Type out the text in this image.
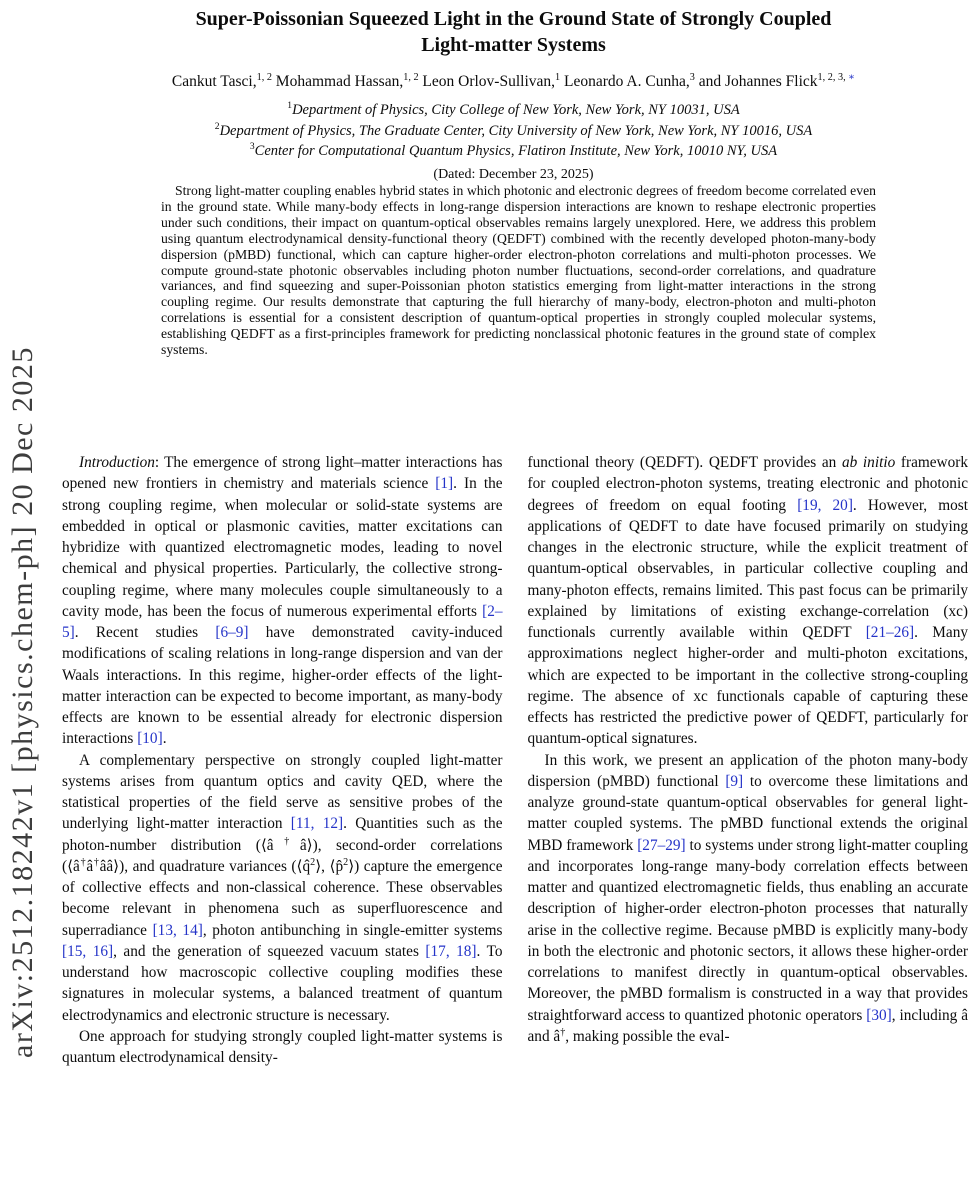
arXiv:2512.18242v1 [physics.chem-ph] 20 Dec 2025
Super-Poissonian Squeezed Light in the Ground State of Strongly Coupled
Light-matter Systems
Cankut Tasci,$^{1, 2}$ Mohammad Hassan,$^{1, 2}$ Leon Orlov-Sullivan,$^1$ Leonardo A. Cunha,$^3$ and Johannes Flick$^{1, 2, 3,}$ ∗
$^1$Department of Physics, City College of New York, New York, NY 10031, USA
$^2$Department of Physics, The Graduate Center, City University of New York, New York, NY 10016, USA
$^3$Center for Computational Quantum Physics, Flatiron Institute, New York, 10010 NY, USA
(Dated: December 23, 2025)
Strong light-matter coupling enables hybrid states in which photonic and electronic degrees of freedom become correlated even in the ground state. While many-body effects in long-range dispersion interactions are known to reshape electronic properties under such conditions, their impact on quantum-optical observables remains largely unexplored. Here, we address this problem using quantum electrodynamical density-functional theory (QEDFT) combined with the recently developed photon-many-body dispersion (pMBD) functional, which can capture higher-order electron-photon correlations and multi-photon processes. We compute ground-state photonic observables including photon number fluctuations, second-order correlations, and quadrature variances, and find squeezing and super-Poissonian photon statistics emerging from light-matter interactions in the strong coupling regime. Our results demonstrate that capturing the full hierarchy of many-body, electron-photon and multi-photon correlations is essential for a consistent description of quantum-optical properties in strongly coupled molecular systems, establishing QEDFT as a first-principles framework for predicting nonclassical photonic features in the ground state of complex systems.

Introduction: The emergence of strong light–matter interactions has opened new frontiers in chemistry and materials science [1]. In the strong coupling regime, when molecular or solid-state systems are embedded in optical or plasmonic cavities, matter excitations can hybridize with quantized electromagnetic modes, leading to novel chemical and physical properties. Particularly, the collective strong-coupling regime, where many molecules couple simultaneously to a cavity mode, has been the focus of numerous experimental efforts [2–5]. Recent studies [6–9] have demonstrated cavity-induced modifications of scaling relations in long-range dispersion and van der Waals interactions. In this regime, higher-order effects of the light-matter interaction can be expected to become important, as many-body effects are known to be essential already for electronic dispersion interactions [10].

A complementary perspective on strongly coupled light-matter systems arises from quantum optics and cavity QED, where the statistical properties of the field serve as sensitive probes of the underlying light-matter interaction [11, 12]. Quantities such as the photon-number distribution (⟨â†â⟩), second-order correlations (⟨â†â†ââ⟩), and quadrature variances (⟨q̂$^2$⟩, ⟨p̂$^2$⟩) capture the emergence of collective effects and non-classical coherence. These observables become relevant in phenomena such as superfluorescence and superradiance [13, 14], photon antibunching in single-emitter systems [15, 16], and the generation of squeezed vacuum states [17, 18]. To understand how macroscopic collective coupling modifies these signatures in molecular systems, a balanced treatment of quantum electrodynamics and electronic structure is necessary.

One approach for studying strongly coupled light-matter systems is quantum electrodynamical density-

functional theory (QEDFT). QEDFT provides an ab initio framework for coupled electron-photon systems, treating electronic and photonic degrees of freedom on equal footing [19, 20]. However, most applications of QEDFT to date have focused primarily on studying changes in the electronic structure, while the explicit treatment of quantum-optical observables, in particular collective coupling and many-photon effects, remains limited. This past focus can be primarily explained by limitations of existing exchange-correlation (xc) functionals currently available within QEDFT [21–26]. Many approximations neglect higher-order and multi-photon excitations, which are expected to be important in the collective strong-coupling regime. The absence of xc functionals capable of capturing these effects has restricted the predictive power of QEDFT, particularly for quantum-optical signatures.

In this work, we present an application of the photon many-body dispersion (pMBD) functional [9] to overcome these limitations and analyze ground-state quantum-optical observables for general light-matter coupled systems. The pMBD functional extends the original MBD framework [27–29] to systems under strong light-matter coupling and incorporates long-range many-body correlation effects between matter and quantized electromagnetic fields, thus enabling an accurate description of higher-order electron-photon processes that naturally arise in the collective regime. Because pMBD is explicitly many-body in both the electronic and photonic sectors, it allows these higher-order correlations to manifest directly in quantum-optical observables. Moreover, the pMBD formalism is constructed in a way that provides straightforward access to quantized photonic operators [30], including â and â†, making possible the eval-
